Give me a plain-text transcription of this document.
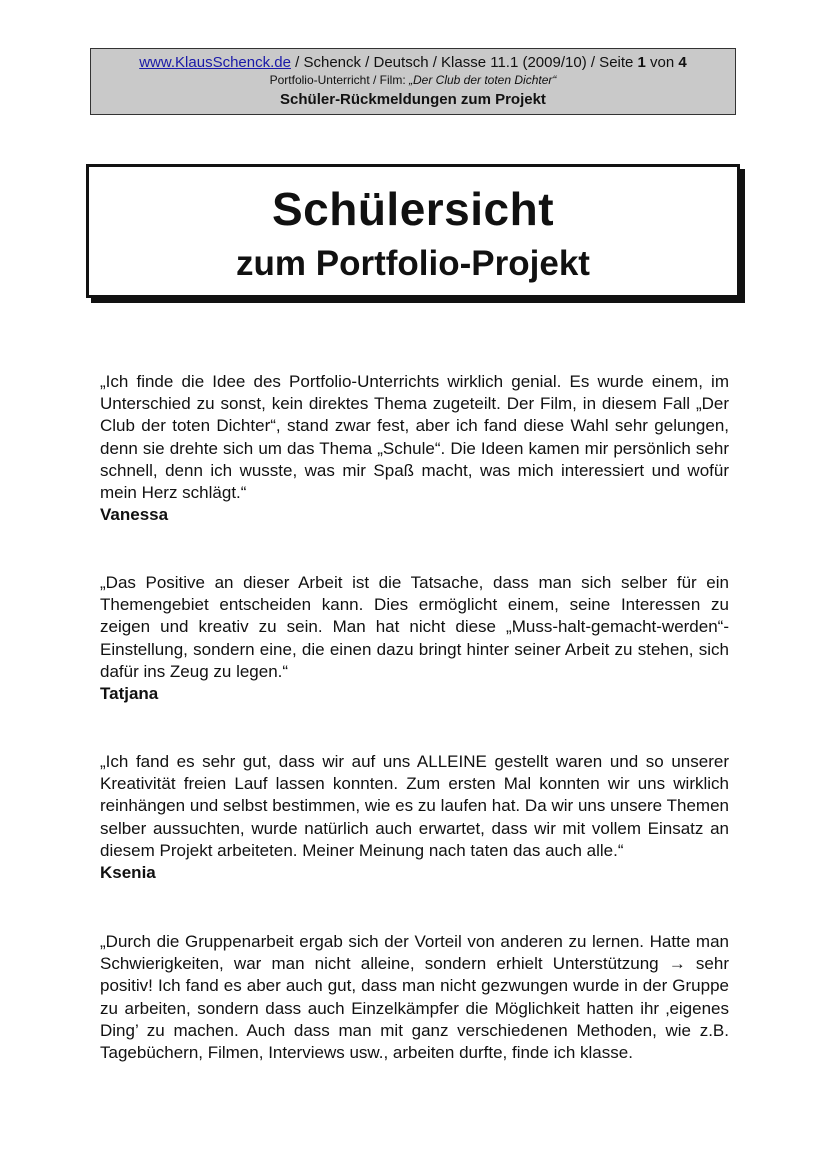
www.KlausSchenck.de / Schenck / Deutsch / Klasse 11.1 (2009/10) / Seite 1 von 4
Portfolio-Unterricht / Film: „Der Club der toten Dichter“
Schüler-Rückmeldungen zum Projekt
Schülersicht
zum Portfolio-Projekt

„Ich finde die Idee des Portfolio-Unterrichts wirklich genial. Es wurde einem, im Unterschied zu sonst, kein direktes Thema zugeteilt. Der Film, in diesem Fall „Der Club der toten Dichter“, stand zwar fest, aber ich fand diese Wahl sehr gelungen, denn sie drehte sich um das Thema „Schule“. Die Ideen kamen mir persönlich sehr schnell, denn ich wusste, was mir Spaß macht, was mich interessiert und wofür mein Herz schlägt.“

Vanessa

„Das Positive an dieser Arbeit ist die Tatsache, dass man sich selber für ein Themengebiet entscheiden kann. Dies ermöglicht einem, seine Interessen zu zeigen und kreativ zu sein. Man hat nicht diese „Muss-halt-gemacht-werden“-Einstellung, sondern eine, die einen dazu bringt hinter seiner Arbeit zu stehen, sich dafür ins Zeug zu legen.“

Tatjana

„Ich fand es sehr gut, dass wir auf uns ALLEINE gestellt waren und so unserer Kreativität freien Lauf lassen konnten. Zum ersten Mal konnten wir uns wirklich reinhängen und selbst bestimmen, wie es zu laufen hat. Da wir uns unsere Themen selber aussuchten, wurde natürlich auch erwartet, dass wir mit vollem Einsatz an diesem Projekt arbeiteten. Meiner Meinung nach taten das auch alle.“

Ksenia

„Durch die Gruppenarbeit ergab sich der Vorteil von anderen zu lernen. Hatte man Schwierigkeiten, war man nicht alleine, sondern erhielt Unterstützung → sehr positiv! Ich fand es aber auch gut, dass man nicht gezwungen wurde in der Gruppe zu arbeiten, sondern dass auch Einzelkämpfer die Möglichkeit hatten ihr ‚eigenes Ding’ zu machen. Auch dass man mit ganz verschiedenen Methoden, wie z.B. Tagebüchern, Filmen, Interviews usw., arbeiten durfte, finde ich klasse.
